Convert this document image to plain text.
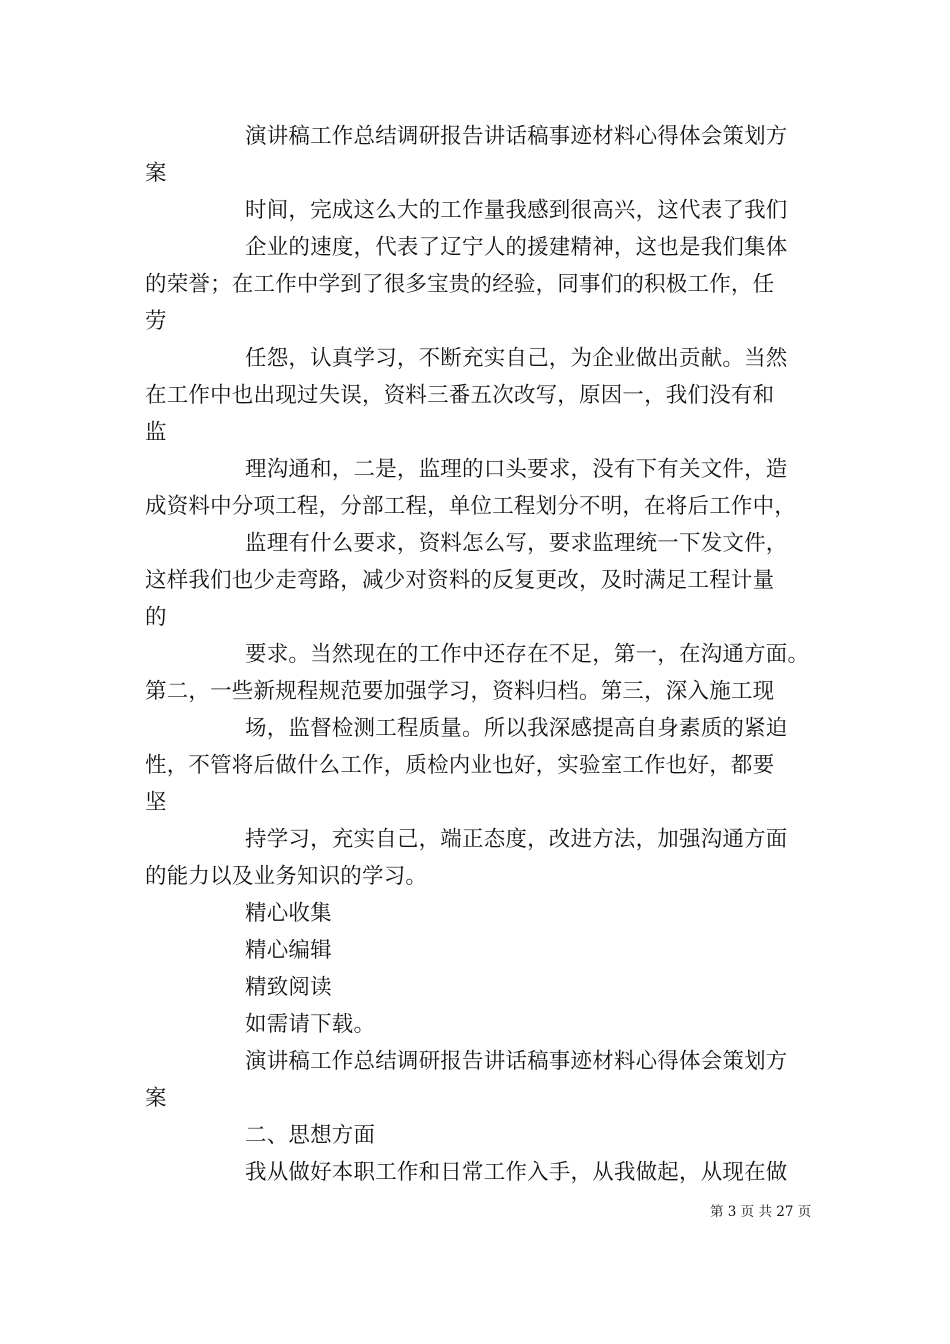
演讲稿工作总结调研报告讲话稿事迹材料心得体会策划方
案
时间，完成这么大的工作量我感到很高兴，这代表了我们
企业的速度，代表了辽宁人的援建精神，这也是我们集体
的荣誉；在工作中学到了很多宝贵的经验，同事们的积极工作，任
劳
任怨，认真学习，不断充实自己，为企业做出贡献。当然
在工作中也出现过失误，资料三番五次改写，原因一，我们没有和
监
理沟通和，二是，监理的口头要求，没有下有关文件，造
成资料中分项工程，分部工程，单位工程划分不明，在将后工作中，
监理有什么要求，资料怎么写，要求监理统一下发文件，
这样我们也少走弯路，减少对资料的反复更改，及时满足工程计量
的
要求。当然现在的工作中还存在不足，第一，在沟通方面。
第二，一些新规程规范要加强学习，资料归档。第三，深入施工现
场，监督检测工程质量。所以我深感提高自身素质的紧迫
性，不管将后做什么工作，质检内业也好，实验室工作也好，都要
坚
持学习，充实自己，端正态度，改进方法，加强沟通方面
的能力以及业务知识的学习。
精心收集
精心编辑
精致阅读
如需请下载。
演讲稿工作总结调研报告讲话稿事迹材料心得体会策划方
案
二、思想方面
我从做好本职工作和日常工作入手，从我做起，从现在做
第 3 页 共 27 页
